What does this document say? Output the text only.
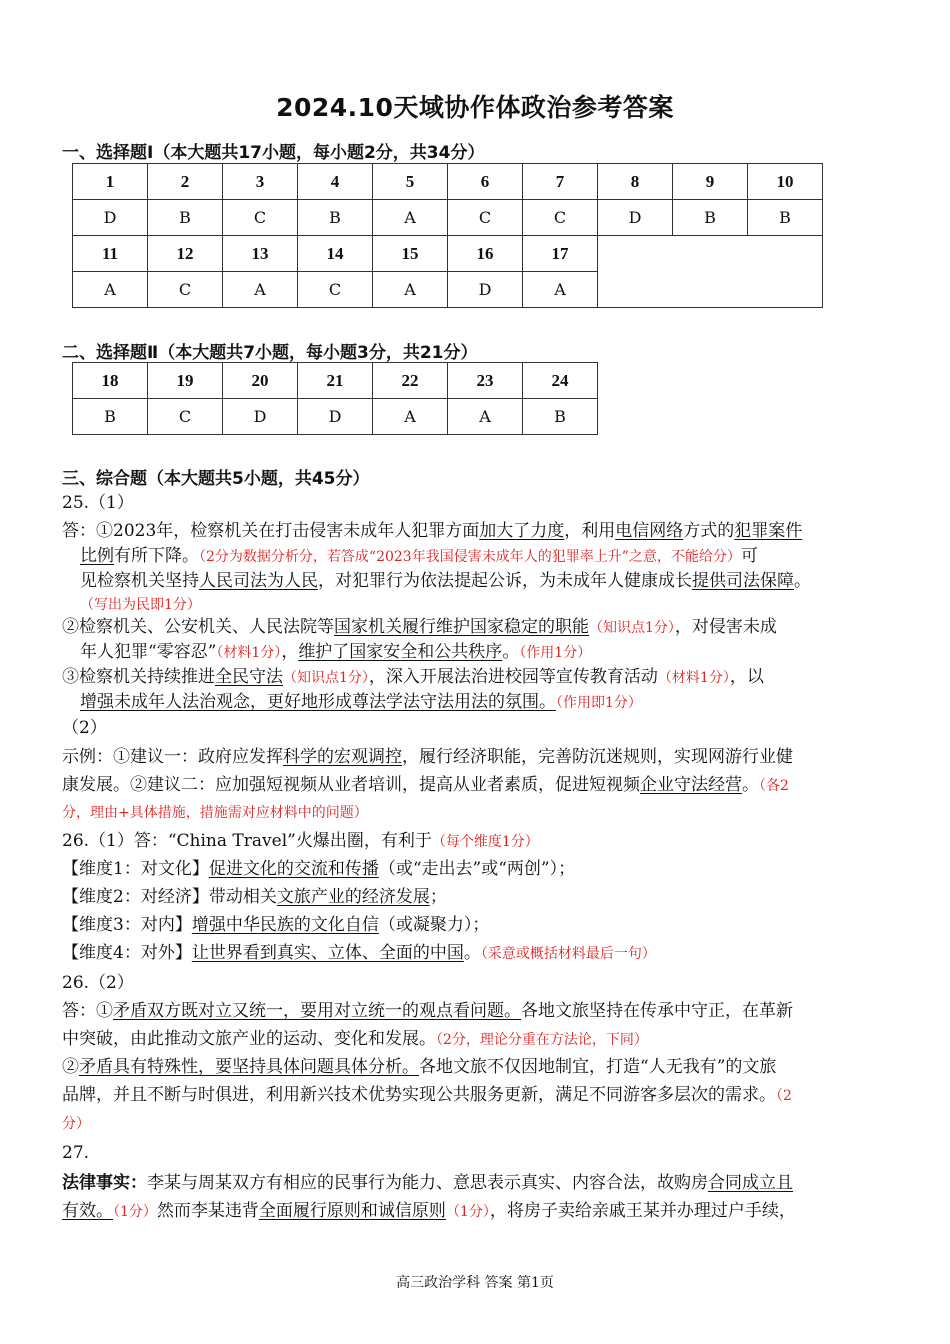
2024.10天域协作体政治参考答案
一、选择题Ⅰ（本大题共17小题，每小题2分，共34分）
1	2	3	4	5	6	7	8	9	10
D	B	C	B	A	C	C	D	B	B
11	12	13	14	15	16	17			
A	C	A	C	A	D	A			
二、选择题Ⅱ（本大题共7小题，每小题3分，共21分）
18	19	20	21	22	23	24
B	C	D	D	A	A	B
三、综合题（本大题共5小题，共45分）
25.（1）
答：①2023年，检察机关在打击侵害未成年人犯罪方面加大了力度，利用电信网络方式的犯罪案件
比例有所下降。（2分为数据分析分，若答成“2023年我国侵害未成年人的犯罪率上升”之意，不能给分）可
见检察机关坚持人民司法为人民，对犯罪行为依法提起公诉，为未成年人健康成长提供司法保障。
（写出为民即1分）
②检察机关、公安机关、人民法院等国家机关履行维护国家稳定的职能（知识点1分），对侵害未成
年人犯罪“零容忍”（材料1分），维护了国家安全和公共秩序。（作用1分）
③检察机关持续推进全民守法（知识点1分），深入开展法治进校园等宣传教育活动（材料1分），以
增强未成年人法治观念，更好地形成尊法学法守法用法的氛围。（作用即1分）
（2）
示例：①建议一：政府应发挥科学的宏观调控，履行经济职能，完善防沉迷规则，实现网游行业健
康发展。②建议二：应加强短视频从业者培训，提高从业者素质，促进短视频企业守法经营。（各2
分，理由+具体措施，措施需对应材料中的问题）
26.（1）答：“China Travel”火爆出圈，有利于（每个维度1分）
【维度1：对文化】促进文化的交流和传播（或“走出去”或“两创”）；
【维度2：对经济】带动相关文旅产业的经济发展；
【维度3：对内】增强中华民族的文化自信（或凝聚力）；
【维度4：对外】让世界看到真实、立体、全面的中国。（采意或概括材料最后一句）
26.（2）
答：①矛盾双方既对立又统一，要用对立统一的观点看问题。各地文旅坚持在传承中守正，在革新
中突破，由此推动文旅产业的运动、变化和发展。（2分，理论分重在方法论，下同）
②矛盾具有特殊性，要坚持具体问题具体分析。各地文旅不仅因地制宜，打造“人无我有”的文旅
品牌，并且不断与时俱进，利用新兴技术优势实现公共服务更新，满足不同游客多层次的需求。（2
分）
27.
法律事实：李某与周某双方有相应的民事行为能力、意思表示真实、内容合法，故购房合同成立且
有效。（1分）然而李某违背全面履行原则和诚信原则（1分），将房子卖给亲戚王某并办理过户手续，
高三政治学科 答案 第1页
